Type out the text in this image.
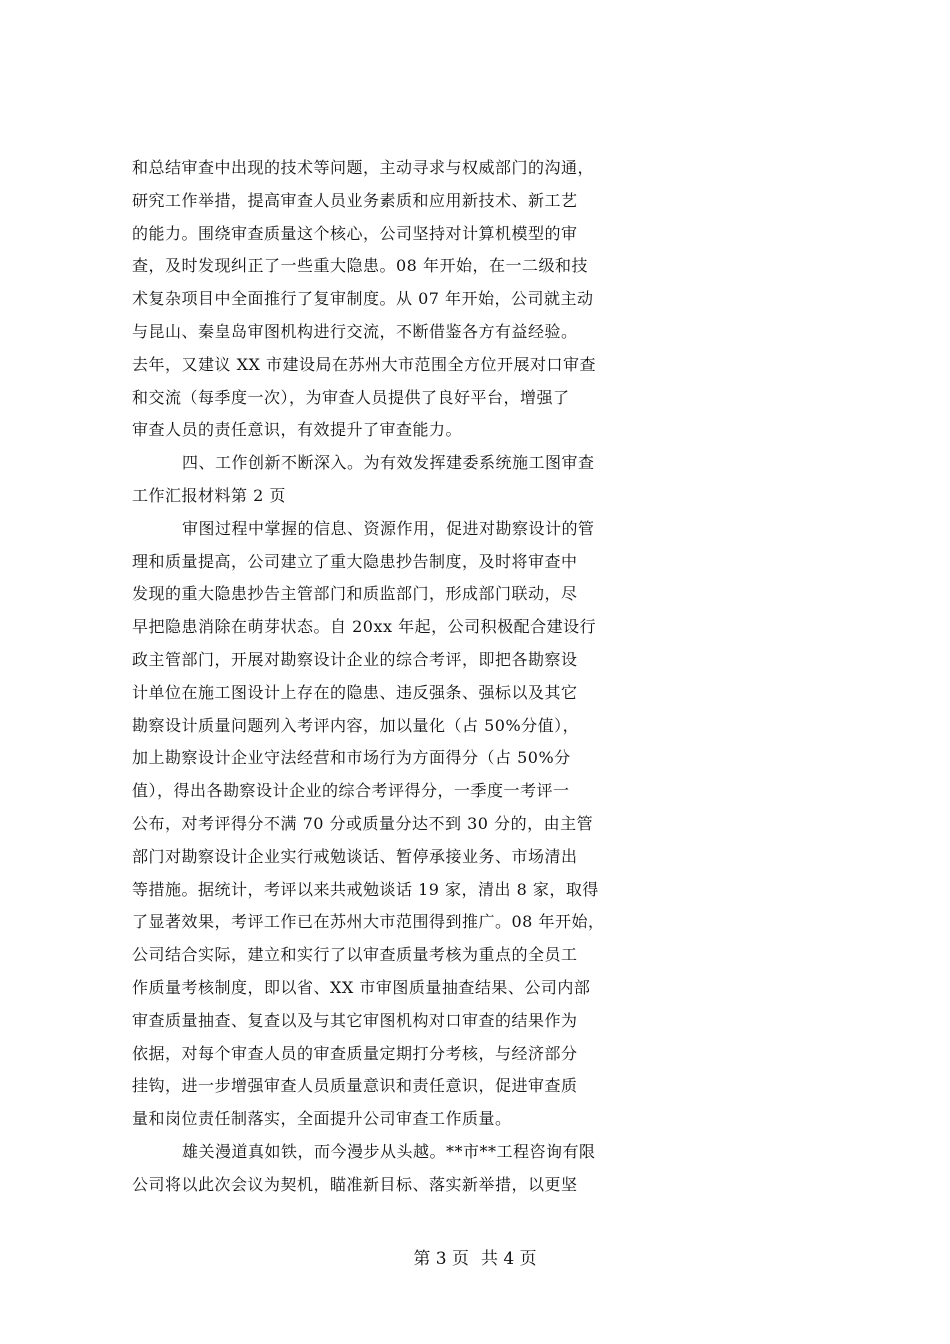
和总结审查中出现的技术等问题，主动寻求与权威部门的沟通，
研究工作举措，提高审查人员业务素质和应用新技术、新工艺
的能力。围绕审查质量这个核心，公司坚持对计算机模型的审
查，及时发现纠正了一些重大隐患。08 年开始，在一二级和技
术复杂项目中全面推行了复审制度。从 07 年开始，公司就主动
与昆山、秦皇岛审图机构进行交流，不断借鉴各方有益经验。
去年，又建议 XX 市建设局在苏州大市范围全方位开展对口审查
和交流（每季度一次），为审查人员提供了良好平台，增强了
审查人员的责任意识，有效提升了审查能力。
四、工作创新不断深入。为有效发挥建委系统施工图审查
工作汇报材料第 2 页
审图过程中掌握的信息、资源作用，促进对勘察设计的管
理和质量提高，公司建立了重大隐患抄告制度，及时将审查中
发现的重大隐患抄告主管部门和质监部门，形成部门联动，尽
早把隐患消除在萌芽状态。自 20xx 年起，公司积极配合建设行
政主管部门，开展对勘察设计企业的综合考评，即把各勘察设
计单位在施工图设计上存在的隐患、违反强条、强标以及其它
勘察设计质量问题列入考评内容，加以量化（占 50%分值），
加上勘察设计企业守法经营和市场行为方面得分（占 50%分
值），得出各勘察设计企业的综合考评得分，一季度一考评一
公布，对考评得分不满 70 分或质量分达不到 30 分的，由主管
部门对勘察设计企业实行戒勉谈话、暂停承接业务、市场清出
等措施。据统计，考评以来共戒勉谈话 19 家，清出 8 家，取得
了显著效果，考评工作已在苏州大市范围得到推广。08 年开始，
公司结合实际，建立和实行了以审查质量考核为重点的全员工
作质量考核制度，即以省、XX 市审图质量抽查结果、公司内部
审查质量抽查、复查以及与其它审图机构对口审查的结果作为
依据，对每个审查人员的审查质量定期打分考核，与经济部分
挂钩，进一步增强审查人员质量意识和责任意识，促进审查质
量和岗位责任制落实，全面提升公司审查工作质量。
雄关漫道真如铁，而今漫步从头越。**市**工程咨询有限
公司将以此次会议为契机，瞄准新目标、落实新举措，以更坚
第 3 页 共 4 页
